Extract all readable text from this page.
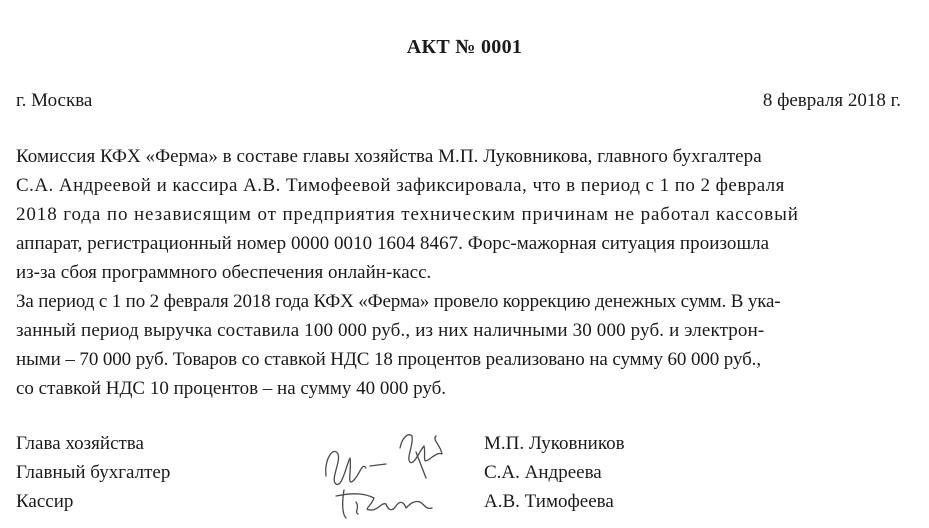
АКТ № 0001
г. Москва	8 февраля 2018 г.
Комиссия КФХ «Ферма» в составе главы хозяйства М.П. Луковникова, главного бухгалтера
С.А. Андреевой и кассира А.В. Тимофеевой зафиксировала, что в период с 1 по 2 февраля
2018 года по независящим от предприятия техническим причинам не работал кассовый
аппарат, регистрационный номер 0000 0010 1604 8467. Форс-мажорная ситуация произошла
из-за сбоя программного обеспечения онлайн-касс.
За период с 1 по 2 февраля 2018 года КФХ «Ферма» провело коррекцию денежных сумм. В ука-
занный период выручка составила 100 000 руб., из них наличными 30 000 руб. и электрон-
ными – 70 000 руб. Товаров со ставкой НДС 18 процентов реализовано на сумму 60 000 руб.,
со ставкой НДС 10 процентов – на сумму 40 000 руб.
Глава хозяйства
Главный бухгалтер
Кассир
М.П. Луковников
С.А. Андреева
А.В. Тимофеева
